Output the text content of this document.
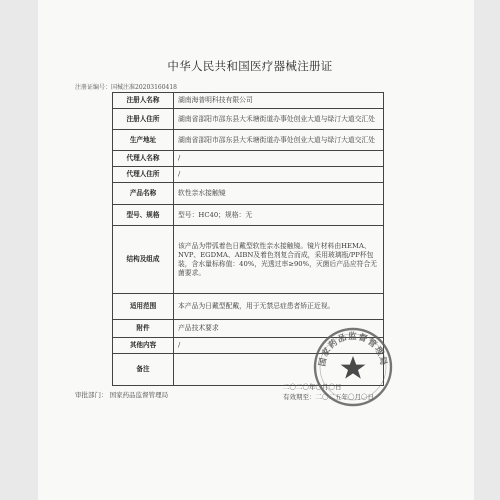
中华人民共和国医疗器械注册证
注册证编号：国械注准20203160418
注册人名称	湖南海普明科技有限公司
注册人住所	湖南省邵阳市邵东县大禾塘街道办事处创业大道与绿汀大道交汇处
生产地址	湖南省邵阳市邵东县大禾塘街道办事处创业大道与绿汀大道交汇处
代理人名称	/
代理人住所	/
产品名称	软性亲水接触镜
型号、规格	型号：HC40；规格：无
结构及组成	该产品为带弧着色日戴型软性亲水接触镜。镜片材料由HEMA、NVP、EGDMA、AIBN及着色剂复合而成，采用玻璃瓶/PP杯包装，含水量标称值：40%，光透过率≥90%，灭菌后产品应符合无菌要求。
适用范围	本产品为日戴型配戴，用于无禁忌症患者矫正近视。
附件	产品技术要求
其他内容	/
备注	
审批部门： 国家药品监督管理局
二〇二〇年〇月〇日
有效期至：二〇二五年〇月〇日
国家药品监督管理局
